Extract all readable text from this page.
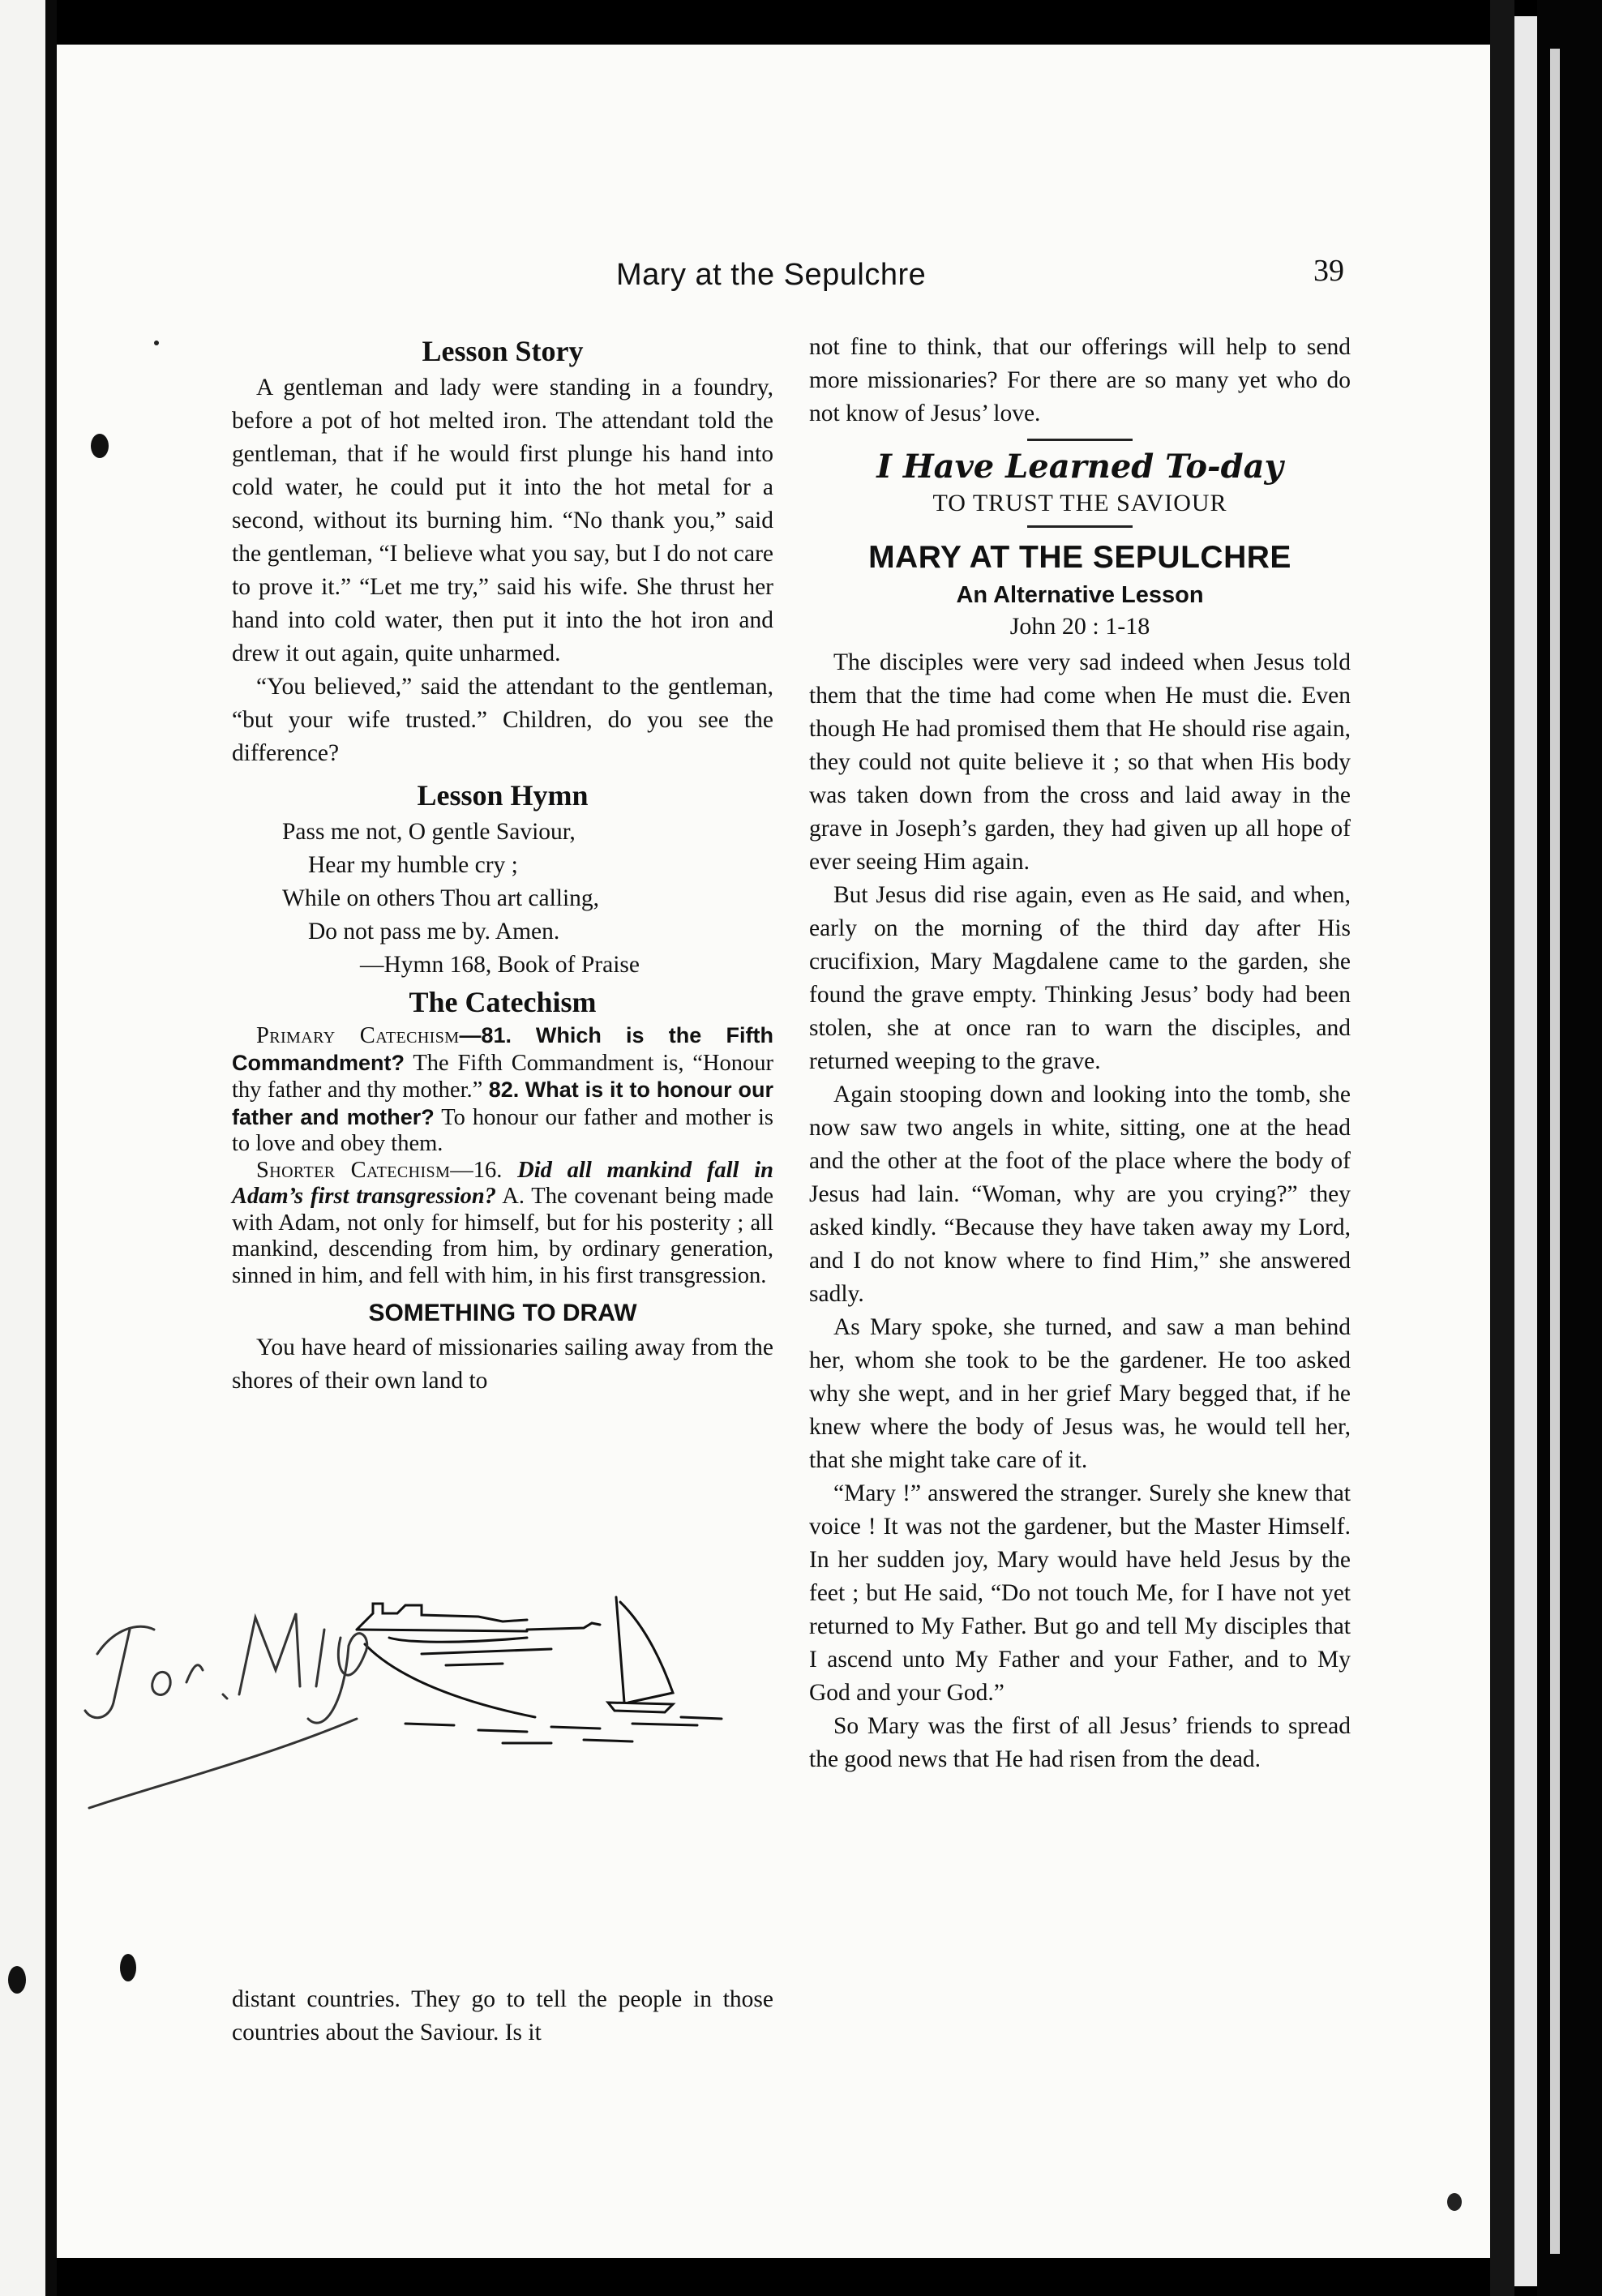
Mary at the Sepulchre	39
Lesson Story

A gentleman and lady were standing in a foundry, before a pot of hot melted iron. The attendant told the gentleman, that if he would first plunge his hand into cold water, he could put it into the hot metal for a second, without its burning him. “No thank you,” said the gentleman, “I believe what you say, but I do not care to prove it.” “Let me try,” said his wife. She thrust her hand into cold water, then put it into the hot iron and drew it out again, quite unharmed.

“You believed,” said the attendant to the gentleman, “but your wife trusted.” Children, do you see the difference?

Lesson Hymn
Pass me not, O gentle Saviour,
Hear my humble cry ;
While on others Thou art calling,
Do not pass me by. Amen.
—Hymn 168, Book of Praise
The Catechism

Primary Catechism—81. Which is the Fifth Commandment? The Fifth Commandment is, “Honour thy father and thy mother.” 82. What is it to honour our father and mother? To honour our father and mother is to love and obey them.

Shorter Catechism—16. Did all mankind fall in Adam’s first transgression? A. The covenant being made with Adam, not only for himself, but for his posterity ; all mankind, descending from him, by ordinary generation, sinned in him, and fell with him, in his first transgression.

SOMETHING TO DRAW

You have heard of missionaries sailing away from the shores of their own land to

Jor. Mlf
distant countries. They go to tell the people in those countries about the Saviour. Is it
not fine to think, that our offerings will help to send more missionaries? For there are so many yet who do not know of Jesus’ love.
I Have Learned To-day
TO TRUST THE SAVIOUR
MARY AT THE SEPULCHRE
An Alternative Lesson
John 20 : 1-18

The disciples were very sad indeed when Jesus told them that the time had come when He must die. Even though He had promised them that He should rise again, they could not quite believe it ; so that when His body was taken down from the cross and laid away in the grave in Joseph’s garden, they had given up all hope of ever seeing Him again.

But Jesus did rise again, even as He said, and when, early on the morning of the third day after His crucifixion, Mary Magdalene came to the garden, she found the grave empty. Thinking Jesus’ body had been stolen, she at once ran to warn the disciples, and returned weeping to the grave.

Again stooping down and looking into the tomb, she now saw two angels in white, sitting, one at the head and the other at the foot of the place where the body of Jesus had lain. “Woman, why are you crying?” they asked kindly. “Because they have taken away my Lord, and I do not know where to find Him,” she answered sadly.

As Mary spoke, she turned, and saw a man behind her, whom she took to be the gardener. He too asked why she wept, and in her grief Mary begged that, if he knew where the body of Jesus was, he would tell her, that she might take care of it.

“Mary !” answered the stranger. Surely she knew that voice ! It was not the gardener, but the Master Himself. In her sudden joy, Mary would have held Jesus by the feet ; but He said, “Do not touch Me, for I have not yet returned to My Father. But go and tell My disciples that I ascend unto My Father and your Father, and to My God and your God.”

So Mary was the first of all Jesus’ friends to spread the good news that He had risen from the dead.
